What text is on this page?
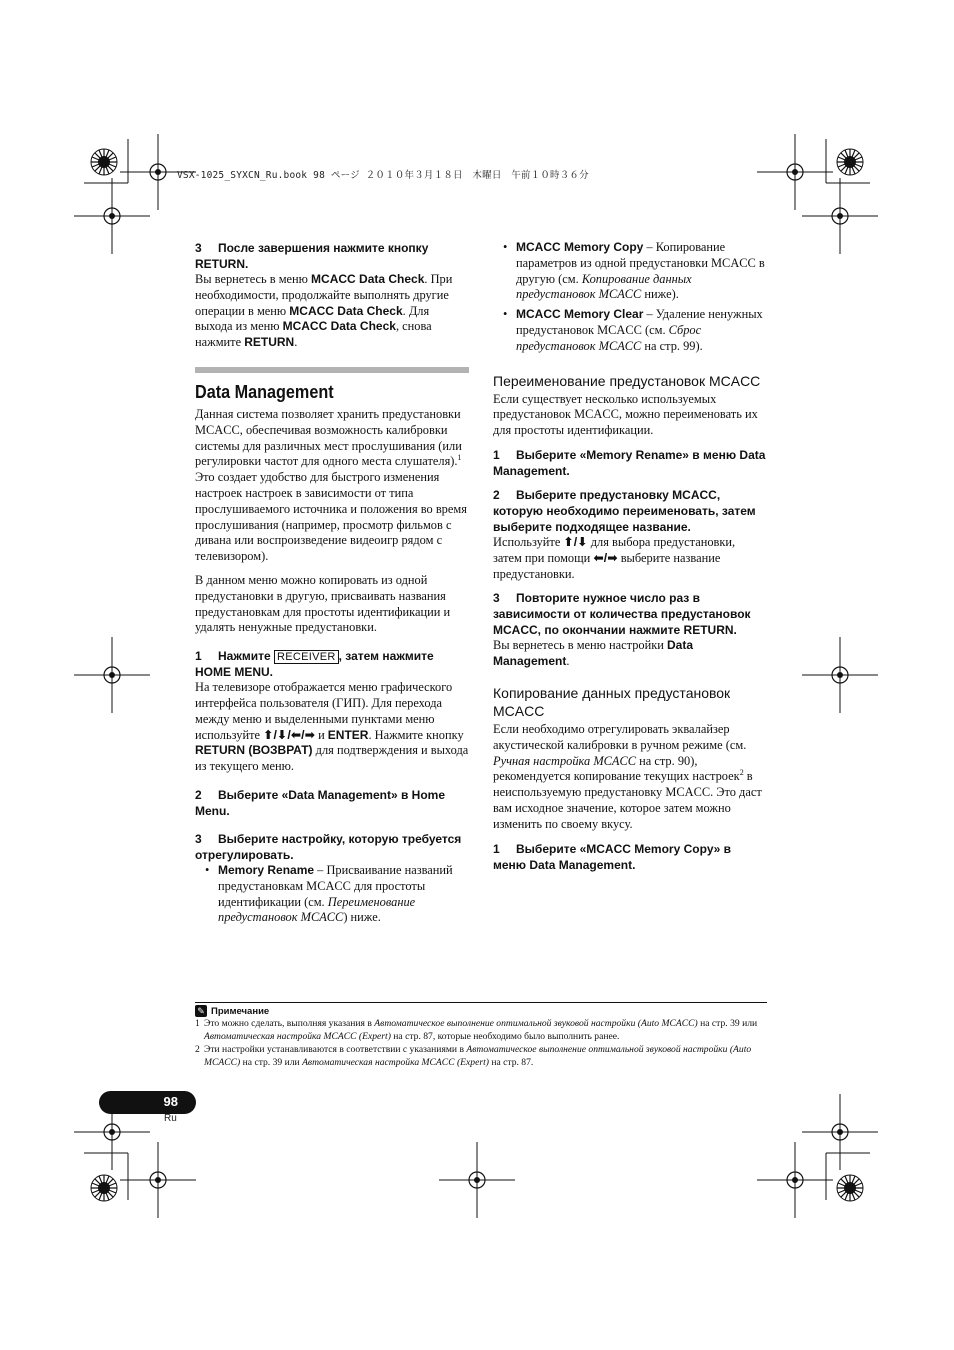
VSX-1025_SYXCN_Ru.book 98 ページ ２０１０年３月１８日　木曜日　午前１０時３６分

3 После завершения нажмите кнопку RETURN.

Вы вернетесь в меню MCACC Data Check. При необходимости, продолжайте выполнять другие операции в меню MCACC Data Check. Для выхода из меню MCACC Data Check, снова нажмите RETURN.

Data Management

Данная система позволяет хранить предустановки MCACC, обеспечивая возможность калибровки системы для различных мест прослушивания (или регулировки частот для одного места слушателя).$^1$ Это создает удобство для быстрого изменения настроек настроек в зависимости от типа прослушиваемого источника и положения во время прослушивания (например, просмотр фильмов с дивана или воспроизведение видеоигр рядом с телевизором).

В данном меню можно копировать из одной предустановки в другую, присваивать названия предустановкам для простоты идентификации и удалять ненужные предустановки.

1 Нажмите RECEIVER , затем нажмите HOME MENU.

На телевизоре отображается меню графического интерфейса пользователя (ГИП). Для перехода между меню и выделенными пунктами меню используйте ⬆/⬇/⬅/➡ и ENTER. Нажмите кнопку RETURN (ВОЗВРАТ) для подтверждения и выхода из текущего меню.

2 Выберите «Data Management» в Home Menu.

3 Выберите настройку, которую требуется отрегулировать.

• Memory Rename – Присваивание названий предустановкам MCACC для простоты идентификации (см. Переименование предустановок MCACC) ниже.
• MCACC Memory Copy – Копирование параметров из одной предустановки MCACC в другую (см. Копирование данных предустановок MCACC ниже).
• MCACC Memory Clear – Удаление ненужных предустановок MCACC (см. Сброс предустановок MCACC на стр. 99).
Переименование предустановок MCACC

Если существует несколько используемых предустановок MCACC, можно переименовать их для простоты идентификации.

1 Выберите «Memory Rename» в меню Data Management.

2 Выберите предустановку MCACC, которую необходимо переименовать, затем выберите подходящее название.

Используйте ⬆/⬇ для выбора предустановки, затем при помощи ⬅/➡ выберите название предустановки.

3 Повторите нужное число раз в зависимости от количества предустановок MCACC, по окончании нажмите RETURN.

Вы вернетесь в меню настройки Data Management.

Копирование данных предустановок MCACC

Если необходимо отрегулировать эквалайзер акустической калибровки в ручном режиме (см. Ручная настройка MCACC на стр. 90), рекомендуется копирование текущих настроек$^2$ в неиспользуемую предустановку MCACC. Это даст вам исходное значение, которое затем можно изменить по своему вкусу.

1 Выберите «MCACC Memory Copy» в меню Data Management.

✎ Примечание
1 Это можно сделать, выполняя указания в Автоматическое выполнение оптимальной звуковой настройки (Auto MCACC) на стр. 39 или Автоматическая настройка MCACC (Expert) на стр. 87, которые необходимо было выполнить ранее.
2 Эти настройки устанавливаются в соответствии с указаниями в Автоматическое выполнение оптимальной звуковой настройки (Auto MCACC) на стр. 39 или Автоматическая настройка MCACC (Expert) на стр. 87.
98
Ru
